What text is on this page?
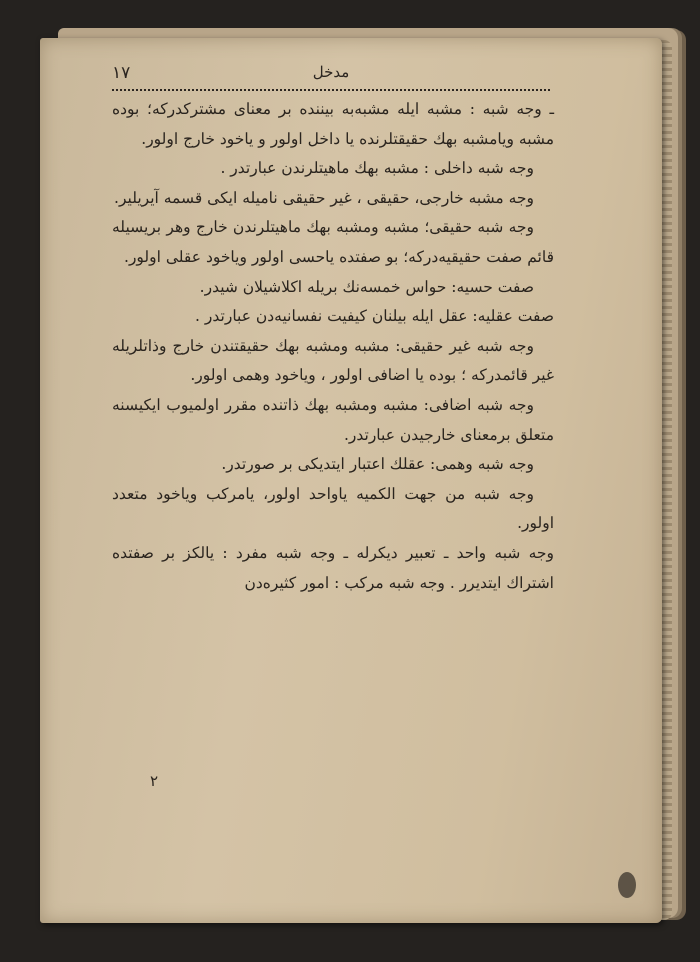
١٧	مدخل

ـ وجه شبه : مشبه ایله مشبه‌به بیننده بر معنای مشترکدرکه؛ بوده مشبه ویامشبه بهك حقیقتلرنده یا داخل اولور و یاخود خارج اولور.

وجه شبه داخلی : مشبه بهك ماهیتلرندن عبارتدر .

وجه مشبه خارجی، حقیقی ، غیر حقیقی نامیله ایکی قسمه آیریلیر.

وجه شبه حقیقی؛ مشبه ومشبه بهك ماهیتلرندن خارج وهر بریسیله قائم صفت حقیقیه‌درکه؛ بو صفتده یاحسی اولور ویاخود عقلی اولور.

صفت حسیه: حواس خمسه‌نك بریله اکلاشیلان شیدر.

صفت عقلیه: عقل ایله بیلنان کیفیت نفسانیه‌دن عبارتدر .

وجه شبه غیر حقیقی: مشبه ومشبه بهك حقیقتندن خارج وذاتلریله غیر قائمدرکه ؛ بوده یا اضافی اولور ، ویاخود وهمی اولور.

وجه شبه اضافی: مشبه ومشبه بهك ذاتنده مقرر اولمیوب ایکیسنه متعلق برمعنای خارجیدن عبارتدر.

وجه شبه وهمی: عقلك اعتبار ایتدیکی بر صورتدر.

وجه شبه من جهت الکمیه یاواحد اولور، یامرکب ویاخود متعدد اولور.

وجه شبه واحد ـ تعبیر دیکرله ـ وجه شبه مفرد : یالکز بر صفتده اشتراك ایتدیرر . وجه شبه مرکب : امور کثیره‌دن

٢
